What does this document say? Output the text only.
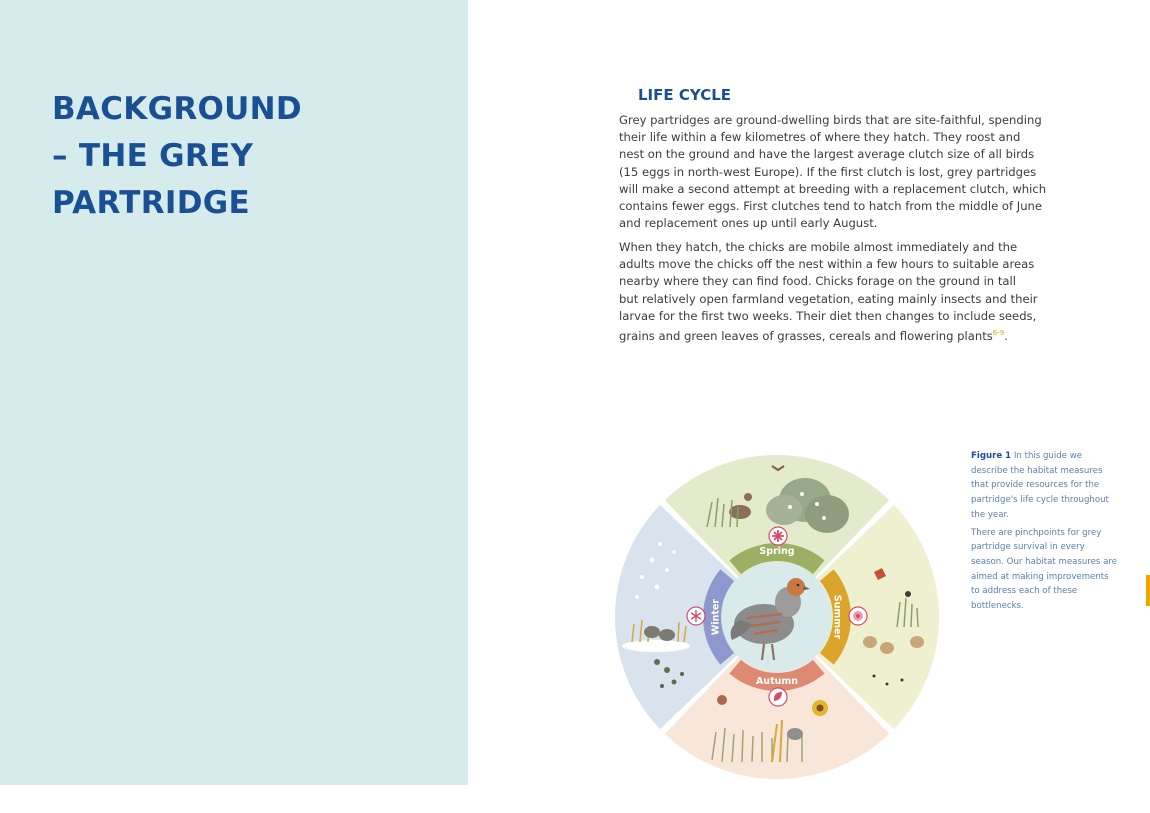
BACKGROUND
– THE GREY
PARTRIDGE
LIFE CYCLE

Grey partridges are ground-dwelling birds that are site-faithful, spending
their life within a few kilometres of where they hatch. They roost and
nest on the ground and have the largest average clutch size of all birds
(15 eggs in north-west Europe). If the first clutch is lost, grey partridges
will make a second attempt at breeding with a replacement clutch, which
contains fewer eggs. First clutches tend to hatch from the middle of June
and replacement ones up until early August.

When they hatch, the chicks are mobile almost immediately and the
adults move the chicks off the nest within a few hours to suitable areas
nearby where they can find food. Chicks forage on the ground in tall
but relatively open farmland vegetation, eating mainly insects and their
larvae for the first two weeks. Their diet then changes to include seeds,
grains and green leaves of grasses, cereals and flowering plants$^{6-9}$.

Figure 1 In this guide we
describe the habitat measures
that provide resources for the
partridge's life cycle throughout
the year.

There are pinchpoints for grey
partridge survival in every
season. Our habitat measures are
aimed at making improvements
to address each of these
bottlenecks.

Spring
Summer
Autumn
Winter
